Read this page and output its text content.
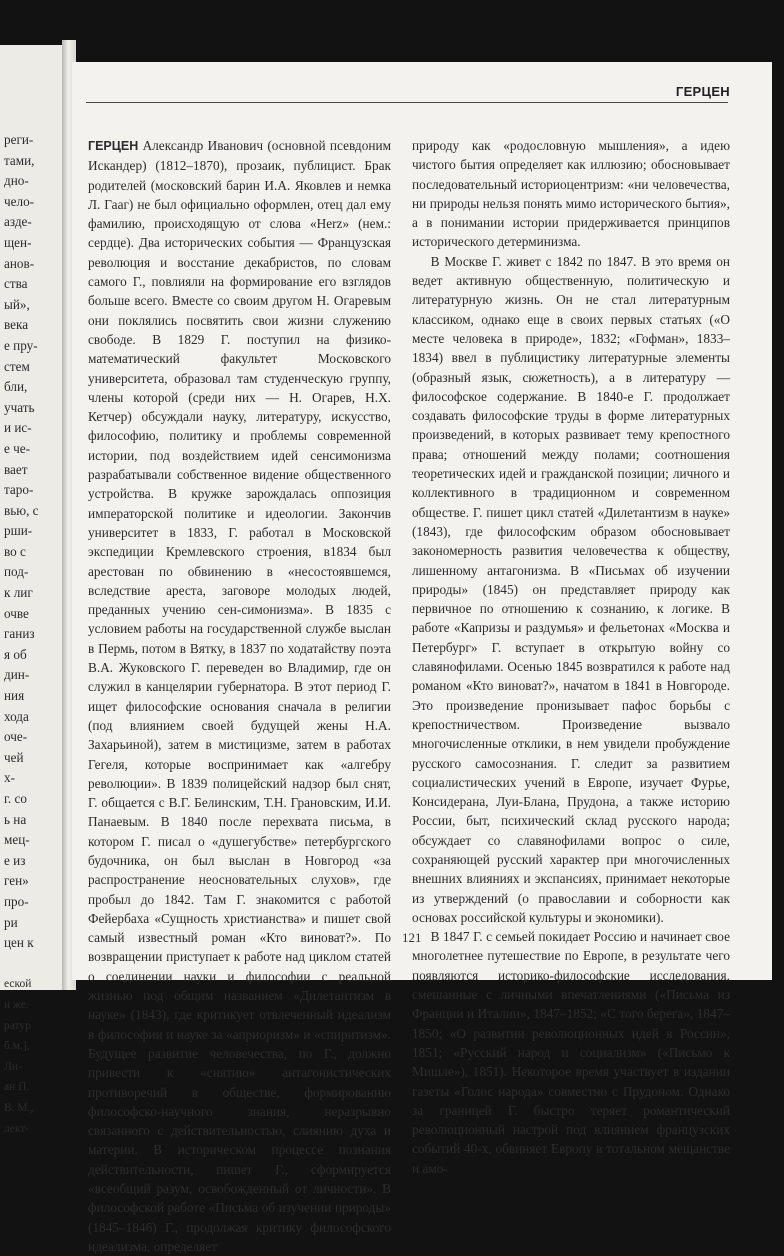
реги-
тами,
дно-
чело-
азде-
щен-
анов-
ства
ый»,
века
е пру-
стем
бли,
учать
и ис-
е че-
вает
таро-
вью, с
рши-
во с
под-
к лиг
очве
ганиз
я об
дин-
ния
хода
оче-
чей
х-
г. со
ь на
мец-
е из
ген»
про-
ри
цен к

еской
н же.
ратур
б.м.],
Ли-
ан П.
В. М.,
лект-
ГЕРЦЕН

ГЕРЦЕН Александр Иванович (основной псевдоним Искандер) (1812–1870), прозаик, публицист. Брак родителей (московский барин И.А. Яковлев и немка Л. Гааг) не был официально оформлен, отец дал ему фамилию, происходящую от слова «Herz» (нем.: сердце). Два исторических события — Французская революция и восстание декабристов, по словам самого Г., повлияли на формирование его взглядов больше всего. Вместе со своим другом Н. Огаревым они поклялись посвятить свои жизни служению свободе. В 1829 Г. поступил на физико-математический факультет Московского университета, образовал там студенческую группу, члены которой (среди них — Н. Огарев, Н.Х. Кетчер) обсуждали науку, литературу, искусство, философию, политику и проблемы современной истории, под воздействием идей сенсимонизма разрабатывали собственное видение общественного устройства. В кружке зарождалась оппозиция императорской политике и идеологии. Закончив университет в 1833, Г. работал в Московской экспедиции Кремлевского строения, в1834 был арестован по обвинению в «несостоявшемся, вследствие ареста, заговоре молодых людей, преданных учению сен-симонизма». В 1835 с условием работы на государственной службе выслан в Пермь, потом в Вятку, в 1837 по ходатайству поэта В.А. Жуковского Г. переведен во Владимир, где он служил в канцелярии губернатора. В этот период Г. ищет философские основания сначала в религии (под влиянием своей будущей жены Н.А. Захарьиной), затем в мистицизме, затем в работах Гегеля, которые воспринимает как «алгебру революции». В 1839 полицейский надзор был снят, Г. общается с В.Г. Белинским, Т.Н. Грановским, И.И. Панаевым. В 1840 после перехвата письма, в котором Г. писал о «душегубстве» петербургского будочника, он был выслан в Новгород «за распространение неосновательных слухов», где пробыл до 1842. Там Г. знакомится с работой Фейербаха «Сущность христианства» и пишет свой самый известный роман «Кто виноват?». По возвращении приступает к работе над циклом статей о соединении науки и философии с реальной жизнью под общим названием «Дилетантизм в науке» (1843), где критикует отвлеченный идеализм в философии и науке за «априоризм» и «спиритизм». Будущее развитие человечества, по Г., должно привести к «снятию» антагонистических противоречий в обществе, формированию философско-научного знания, неразрывно связанного с действительностью, слиянию духа и материи. В историческом процессе познания действительности, пишет Г., сформируется «всеобщий разум, освобожденный от личности». В философской работе «Письма об изучении природы» (1845–1846) Г., продолжая критику философского идеализма, определяет

природу как «родословную мышления», а идею чистого бытия определяет как иллюзию; обосновывает последовательный историоцентризм: «ни человечества, ни природы нельзя понять мимо исторического бытия», а в понимании истории придерживается принципов исторического детерминизма.

В Москве Г. живет с 1842 по 1847. В это время он ведет активную общественную, политическую и литературную жизнь. Он не стал литературным классиком, однако еще в своих первых статьях («О месте человека в природе», 1832; «Гофман», 1833–1834) ввел в публицистику литературные элементы (образный язык, сюжетность), а в литературу — философское содержание. В 1840-е Г. продолжает создавать философские труды в форме литературных произведений, в которых развивает тему крепостного права; отношений между полами; соотношения теоретических идей и гражданской позиции; личного и коллективного в традиционном и современном обществе. Г. пишет цикл статей «Дилетантизм в науке» (1843), где философским образом обосновывает закономерность развития человечества к обществу, лишенному антагонизма. В «Письмах об изучении природы» (1845) он представляет природу как первичное по отношению к сознанию, к логике. В работе «Капризы и раздумья» и фельетонах «Москва и Петербург» Г. вступает в открытую войну со славянофилами. Осенью 1845 возвратился к работе над романом «Кто виноват?», начатом в 1841 в Новгороде. Это произведение пронизывает пафос борьбы с крепостничеством. Произведение вызвало многочисленные отклики, в нем увидели пробуждение русского самосознания. Г. следит за развитием социалистических учений в Европе, изучает Фурье, Консидерана, Луи-Блана, Прудона, а также историю России, быт, психический склад русского народа; обсуждает со славянофилами вопрос о силе, сохраняющей русский характер при многочисленных внешних влияниях и экспансиях, принимает некоторые из утверждений (о православии и соборности как основах российской культуры и экономики).

В 1847 Г. с семьей покидает Россию и начинает свое многолетнее путешествие по Европе, в результате чего появляются историко-философские исследования, смешанные с личными впечатлениями («Письма из Франции и Италии», 1847–1852; «С того берега», 1847–1850; «О развитии революционных идей в России», 1851; «Русский народ и социализм» («Письмо к Мишле»), 1851). Некоторое время участвует в издании газеты «Голос народа» совместно с Прудоном. Однако за границей Г. быстро теряет романтический революционный настрой под влиянием французских событий 40-х, обвиняет Европу в тотальном мещанстве и амо-

121
